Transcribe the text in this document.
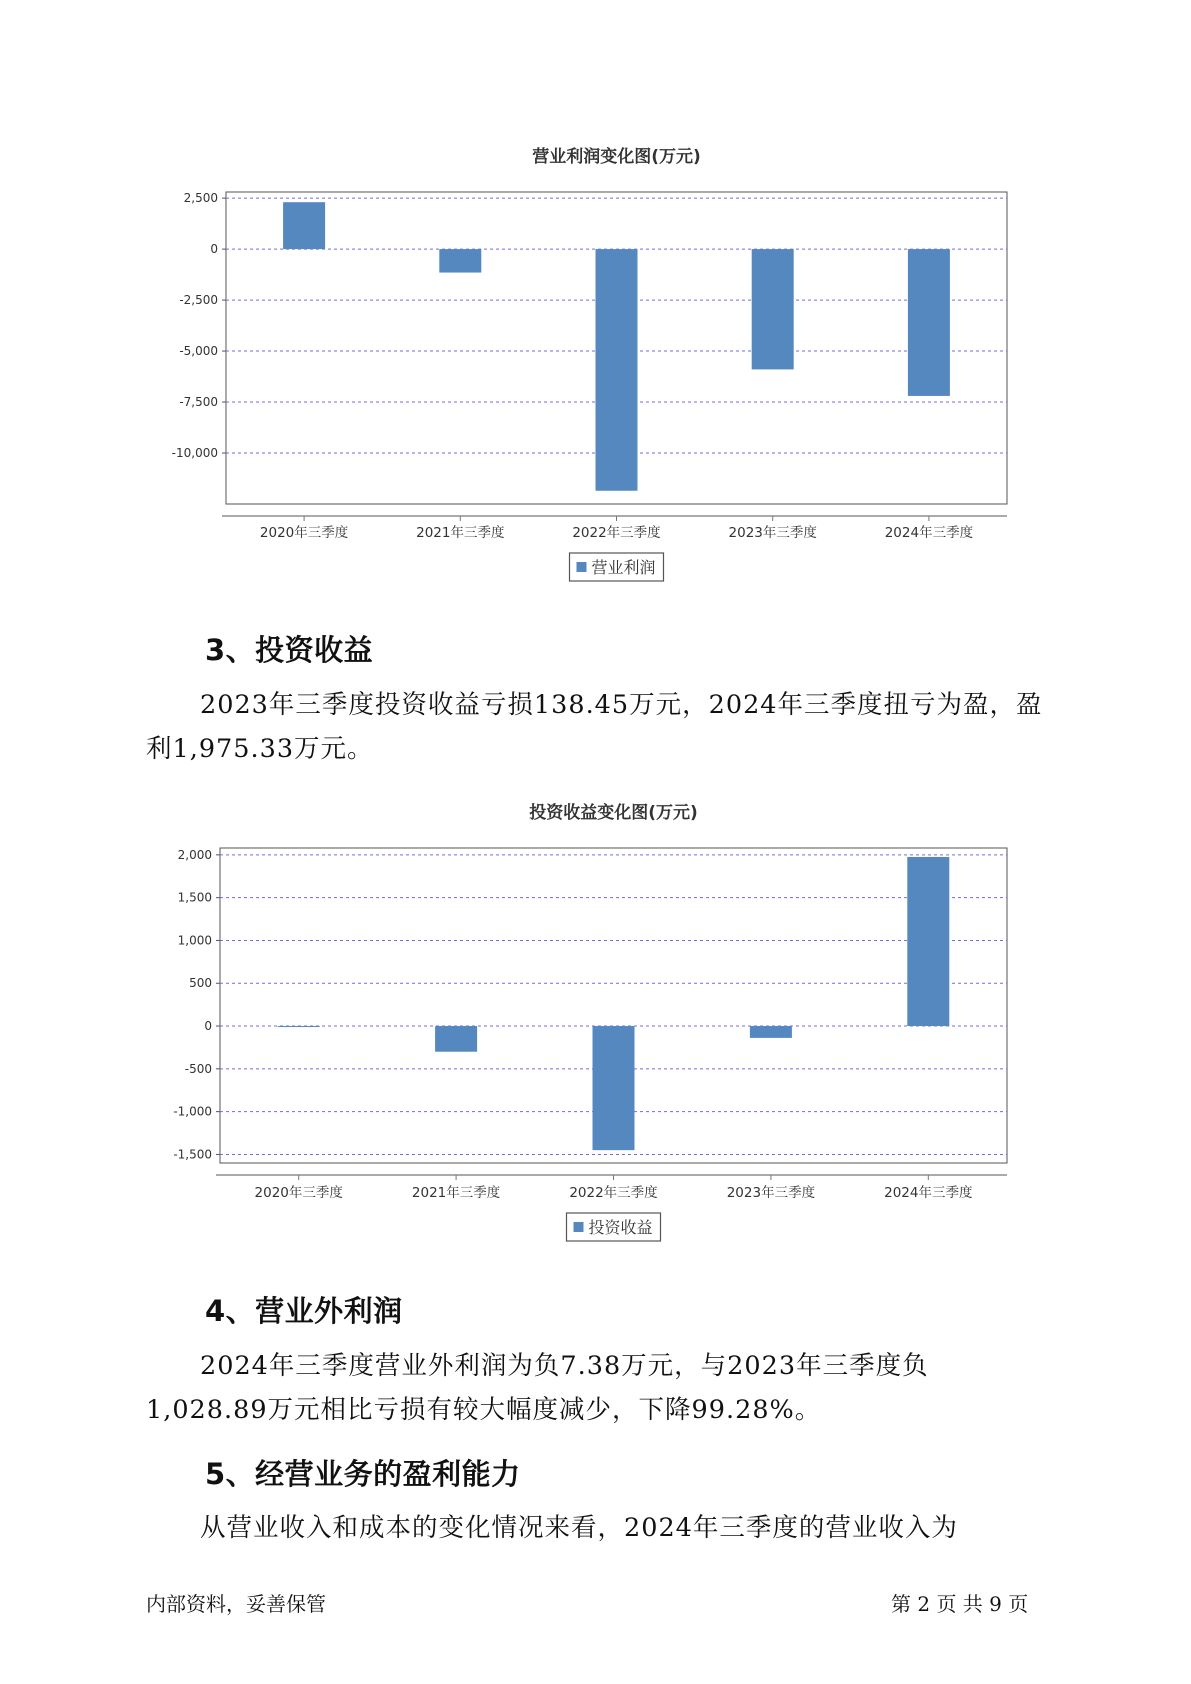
营业利润变化图(万元)
2,500
0
-2,500
-5,000
-7,500
-10,000
2020年三季度	2021年三季度	2022年三季度	2023年三季度	2024年三季度
营业利润
3、投资收益

2023年三季度投资收益亏损138.45万元，2024年三季度扭亏为盈，盈利1,975.33万元。

投资收益变化图(万元)
2,000
1,500
1,000
500
0
-500
-1,000
-1,500
2020年三季度	2021年三季度	2022年三季度	2023年三季度	2024年三季度
投资收益
4、营业外利润

2024年三季度营业外利润为负7.38万元，与2023年三季度负1,028.89万元相比亏损有较大幅度减少，下降99.28%。

5、经营业务的盈利能力

从营业收入和成本的变化情况来看，2024年三季度的营业收入为

内部资料，妥善保管	第 2 页 共 9 页
